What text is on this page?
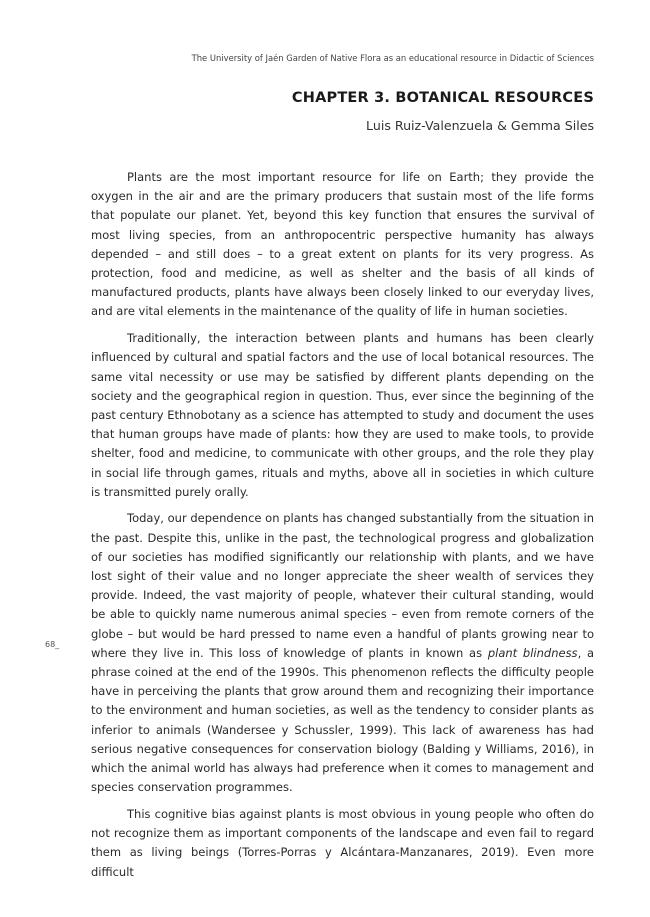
The University of Jaén Garden of Native Flora as an educational resource in Didactic of Sciences
CHAPTER 3. BOTANICAL RESOURCES
Luis Ruiz-Valenzuela & Gemma Siles
68_

Plants are the most important resource for life on Earth; they provide the oxygen in the air and are the primary producers that sustain most of the life forms that populate our planet. Yet, beyond this key function that ensures the survival of most living species, from an anthropocentric perspective humanity has always depended – and still does – to a great extent on plants for its very progress. As protection, food and medicine, as well as shelter and the basis of all kinds of manufactured products, plants have always been closely linked to our everyday lives, and are vital elements in the maintenance of the quality of life in human societies.

Traditionally, the interaction between plants and humans has been clearly influenced by cultural and spatial factors and the use of local botanical resources. The same vital necessity or use may be satisfied by different plants depending on the society and the geographical region in question. Thus, ever since the beginning of the past century Ethnobotany as a science has attempted to study and document the uses that human groups have made of plants: how they are used to make tools, to provide shelter, food and medicine, to communicate with other groups, and the role they play in social life through games, rituals and myths, above all in societies in which culture is transmitted purely orally.

Today, our dependence on plants has changed substantially from the situation in the past. Despite this, unlike in the past, the technological progress and globalization of our societies has modified significantly our relationship with plants, and we have lost sight of their value and no longer appreciate the sheer wealth of services they provide. Indeed, the vast majority of people, whatever their cultural standing, would be able to quickly name numerous animal species – even from remote corners of the globe – but would be hard pressed to name even a handful of plants growing near to where they live in. This loss of knowledge of plants in known as plant blindness, a phrase coined at the end of the 1990s. This phenomenon reflects the difficulty people have in perceiving the plants that grow around them and recognizing their importance to the environment and human societies, as well as the tendency to consider plants as inferior to animals (Wandersee y Schussler, 1999). This lack of awareness has had serious negative consequences for conservation biology (Balding y Williams, 2016), in which the animal world has always had preference when it comes to management and species conservation programmes.

This cognitive bias against plants is most obvious in young people who often do not recognize them as important components of the landscape and even fail to regard them as living beings (Torres-Porras y Alcántara-Manzanares, 2019). Even more difficult
